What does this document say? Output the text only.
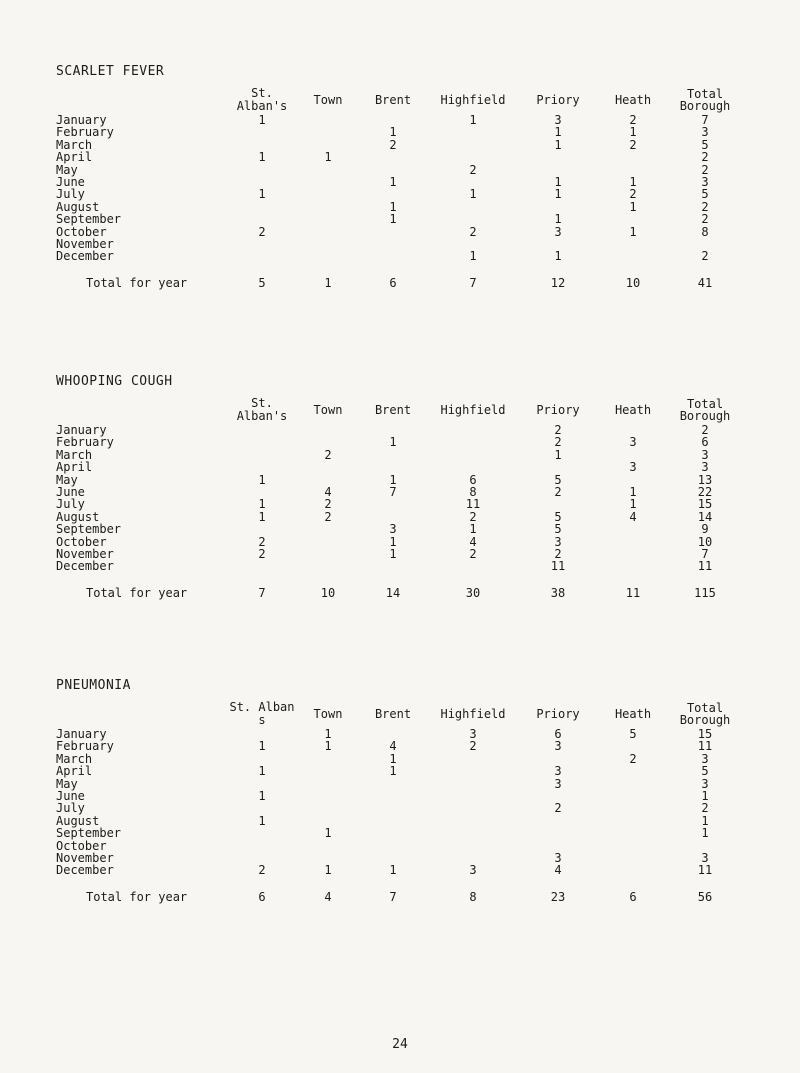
SCARLET FEVER
	St. Alban's	Town	Brent	Highfield	Priory	Heath	Total Borough
January	1			1	3	2	7
February			1		1	1	3
March			2		1	2	5
April	1	1					2
May				2			2
June			1		1	1	3
July	1			1	1	2	5
August			1			1	2
September			1		1		2
October	2			2	3	1	8
November							
December				1	1		2

Total for year	5	1	6	7	12	10	41
WHOOPING COUGH
	St. Alban's	Town	Brent	Highfield	Priory	Heath	Total Borough
January					2		2
February			1		2	3	6
March		2			1		3
April						3	3
May	1		1	6	5		13
June		4	7	8	2	1	22
July	1	2		11		1	15
August	1	2		2	5	4	14
September			3	1	5		9
October	2		1	4	3		10
November	2		1	2	2		7
December					11		11

Total for year	7	10	14	30	38	11	115
PNEUMONIA
	St. Alban s	Town	Brent	Highfield	Priory	Heath	Total Borough
January		1		3	6	5	15
February	1	1	4	2	3		11
March			1			2	3
April	1		1		3		5
May					3		3
June	1						1
July					2		2
August	1						1
September		1					1
October							
November					3		3
December	2	1	1	3	4		11

Total for year	6	4	7	8	23	6	56
24
